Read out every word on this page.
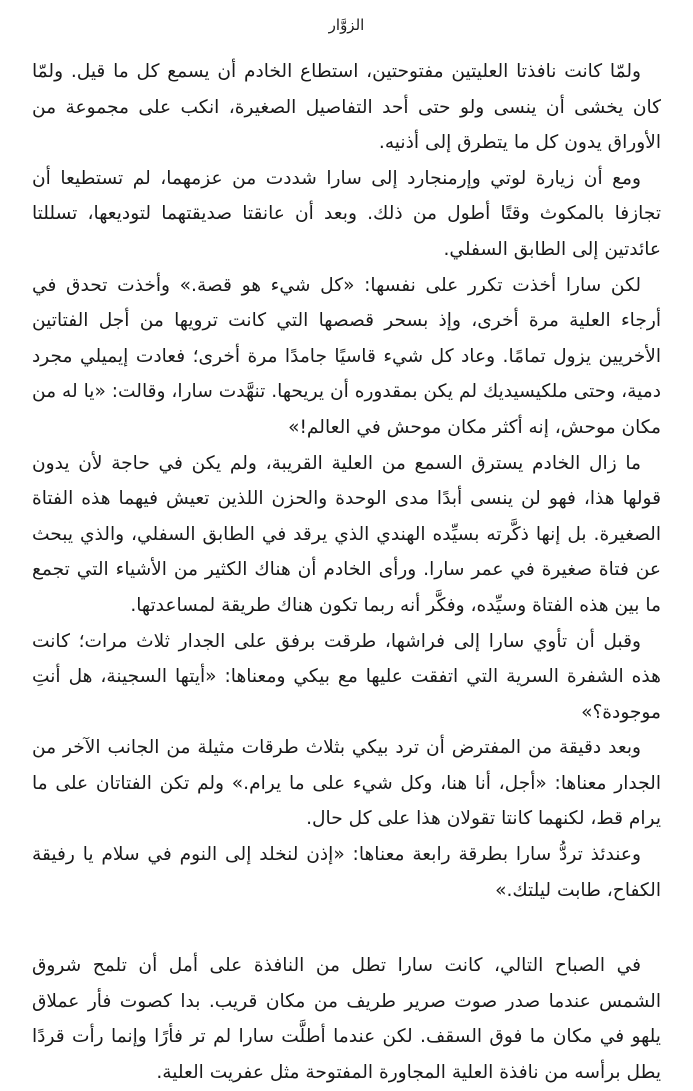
الزوَّار

ولمّا كانت نافذتا العليتين مفتوحتين، استطاع الخادم أن يسمع كل ما قيل. ولمّا كان يخشى أن ينسى ولو حتى أحد التفاصيل الصغيرة، انكب على مجموعة من الأوراق يدون كل ما يتطرق إلى أذنيه.

ومع أن زيارة لوتي وإرمنجارد إلى سارا شددت من عزمهما، لم تستطيعا أن تجازفا بالمكوث وقتًا أطول من ذلك. وبعد أن عانقتا صديقتهما لتوديعها، تسللتا عائدتين إلى الطابق السفلي.

لكن سارا أخذت تكرر على نفسها: «كل شيء هو قصة.» وأخذت تحدق في أرجاء العلية مرة أخرى، وإذ بسحر قصصها التي كانت ترويها من أجل الفتاتين الأخريين يزول تمامًا. وعاد كل شيء قاسيًا جامدًا مرة أخرى؛ فعادت إيميلي مجرد دمية، وحتى ملكيسيديك لم يكن بمقدوره أن يريحها. تنهَّدت سارا، وقالت: «يا له من مكان موحش، إنه أكثر مكان موحش في العالم!»

ما زال الخادم يسترق السمع من العلية القريبة، ولم يكن في حاجة لأن يدون قولها هذا، فهو لن ينسى أبدًا مدى الوحدة والحزن اللذين تعيش فيهما هذه الفتاة الصغيرة. بل إنها ذكَّرته بسيِّده الهندي الذي يرقد في الطابق السفلي، والذي يبحث عن فتاة صغيرة في عمر سارا. ورأى الخادم أن هناك الكثير من الأشياء التي تجمع ما بين هذه الفتاة وسيِّده، وفكَّر أنه ربما تكون هناك طريقة لمساعدتها.

وقبل أن تأوي سارا إلى فراشها، طرقت برفق على الجدار ثلاث مرات؛ كانت هذه الشفرة السرية التي اتفقت عليها مع بيكي ومعناها: «أيتها السجينة، هل أنتِ موجودة؟»

وبعد دقيقة من المفترض أن ترد بيكي بثلاث طرقات مثيلة من الجانب الآخر من الجدار معناها: «أجل، أنا هنا، وكل شيء على ما يرام.» ولم تكن الفتاتان على ما يرام قط، لكنهما كانتا تقولان هذا على كل حال.

وعندئذ تردُّ سارا بطرقة رابعة معناها: «إذن لنخلد إلى النوم في سلام يا رفيقة الكفاح، طابت ليلتك.»

في الصباح التالي، كانت سارا تطل من النافذة على أمل أن تلمح شروق الشمس عندما صدر صوت صرير طريف من مكان قريب. بدا كصوت فأر عملاق يلهو في مكان ما فوق السقف. لكن عندما أطلَّت سارا لم تر فأرًا وإنما رأت قردًا يطل برأسه من نافذة العلية المجاورة المفتوحة مثل عفريت العلية.
